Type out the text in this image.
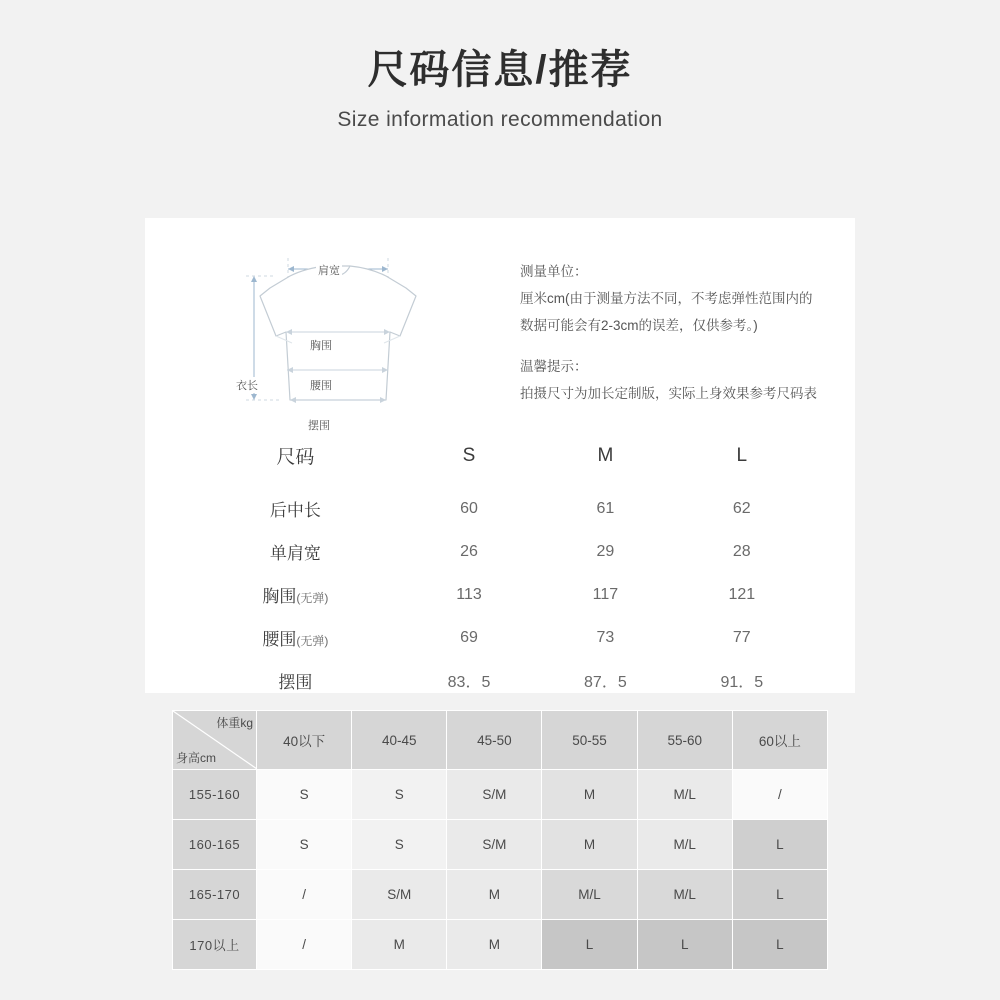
尺码信息/推荐
Size information recommendation
肩宽
胸围
腰围
摆围
衣长
测量单位：
厘米cm(由于测量方法不同，不考虑弹性范围内的
数据可能会有2-3cm的误差，仅供参考。)
温馨提示：
拍摄尺寸为加长定制版，实际上身效果参考尺码表
尺码	S	M	L
后中长	60	61	62
单肩宽	26	29	28
胸围(无弹)	113	117	121
腰围(无弹)	69	73	77
摆围	83．5	87．5	91．5
体重kg
身高cm	40以下	40-45	45-50	50-55	55-60	60以上
155-160	S	S	S/M	M	M/L	/
160-165	S	S	S/M	M	M/L	L
165-170	/	S/M	M	M/L	M/L	L
170以上	/	M	M	L	L	L
